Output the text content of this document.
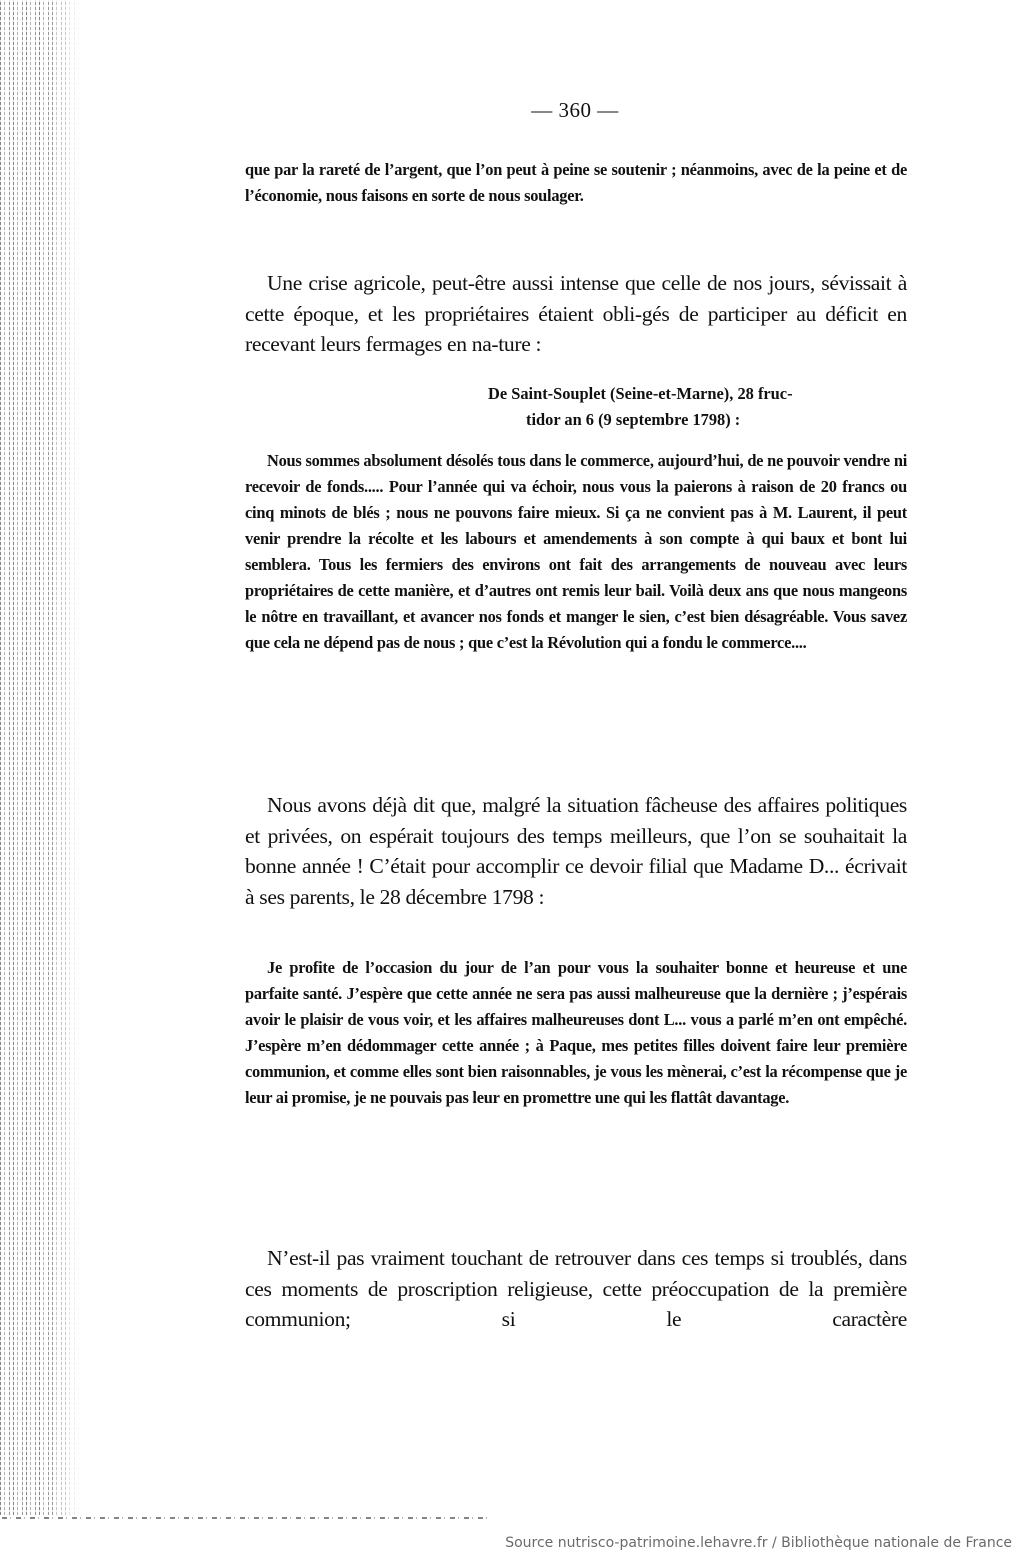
— 360 —

que par la rareté de l’argent, que l’on peut à peine se soutenir ; néanmoins, avec de la peine et de l’économie, nous faisons en sorte de nous soulager.

Une crise agricole, peut-être aussi intense que celle de nos jours, sévissait à cette époque, et les propriétaires étaient obli-gés de participer au déficit en recevant leurs fermages en na-ture :

De Saint-Souplet (Seine-et-Marne), 28 fruc-
tidor an 6 (9 septembre 1798) :

Nous sommes absolument désolés tous dans le commerce, aujourd’hui, de ne pouvoir vendre ni recevoir de fonds..... Pour l’année qui va échoir, nous vous la paierons à raison de 20 francs ou cinq minots de blés ; nous ne pouvons faire mieux. Si ça ne convient pas à M. Laurent, il peut venir prendre la récolte et les labours et amendements à son compte à qui baux et bont lui semblera. Tous les fermiers des environs ont fait des arrangements de nouveau avec leurs propriétaires de cette manière, et d’autres ont remis leur bail. Voilà deux ans que nous mangeons le nôtre en travaillant, et avancer nos fonds et manger le sien, c’est bien désagréable. Vous savez que cela ne dépend pas de nous ; que c’est la Révolution qui a fondu le commerce....

Nous avons déjà dit que, malgré la situation fâcheuse des affaires politiques et privées, on espérait toujours des temps meilleurs, que l’on se souhaitait la bonne année ! C’était pour accomplir ce devoir filial que Madame D... écrivait à ses parents, le 28 décembre 1798 :

Je profite de l’occasion du jour de l’an pour vous la souhaiter bonne et heureuse et une parfaite santé. J’espère que cette année ne sera pas aussi malheureuse que la dernière ; j’espérais avoir le plaisir de vous voir, et les affaires malheureuses dont L... vous a parlé m’en ont empêché. J’espère m’en dédommager cette année ; à Paque, mes petites filles doivent faire leur première communion, et comme elles sont bien raisonnables, je vous les mènerai, c’est la récompense que je leur ai promise, je ne pouvais pas leur en promettre une qui les flattât davantage.

N’est-il pas vraiment touchant de retrouver dans ces temps si troublés, dans ces moments de proscription religieuse, cette préoccupation de la première communion; si le caractère

Source nutrisco-patrimoine.lehavre.fr / Bibliothèque nationale de France
